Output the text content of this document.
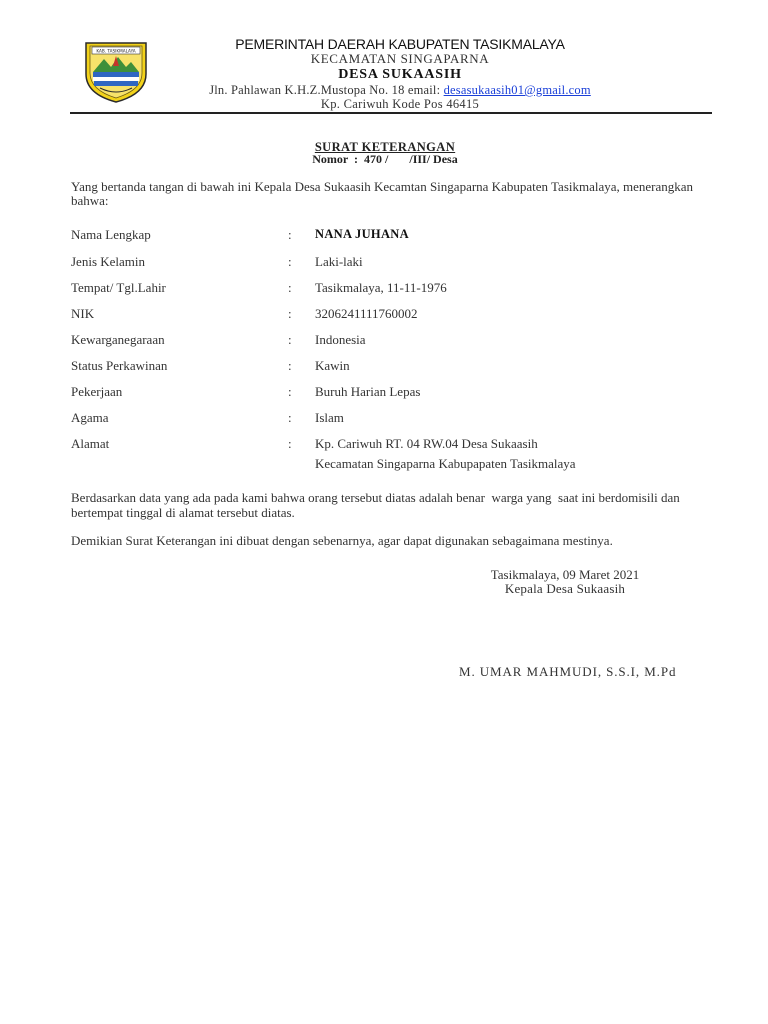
KAB. TASIKMALAYA	PEMERINTAH DAERAH KABUPATEN TASIKMALAYA
KECAMATAN SINGAPARNA
DESA SUKAASIH
Jln. Pahlawan K.H.Z.Mustopa No. 18 email: desasukaasih01@gmail.com
Kp. Cariwuh Kode Pos 46415
SURAT KETERANGAN
Nomor  :  470 /       /III/ Desa
Yang bertanda tangan di bawah ini Kepala Desa Sukaasih Kecamtan Singaparna Kabupaten Tasikmalaya, menerangkan bahwa:
Nama Lengkap	: NANA JUHANA
Jenis Kelamin	: Laki-laki
Tempat/ Tgl.Lahir	: Tasikmalaya, 11-11-1976
NIK	: 3206241111760002
Kewarganegaraan	: Indonesia
Status Perkawinan	: Kawin
Pekerjaan	: Buruh Harian Lepas
Agama	: Islam
Alamat	: Kp. Cariwuh RT. 04 RW.04 Desa Sukaasih
Kecamatan Singaparna Kabupapaten Tasikmalaya
Berdasarkan data yang ada pada kami bahwa orang tersebut diatas adalah benar  warga yang  saat ini berdomisili dan bertempat tinggal di alamat tersebut diatas.
Demikian Surat Keterangan ini dibuat dengan sebenarnya, agar dapat digunakan sebagaimana mestinya.
Tasikmalaya, 09 Maret 2021
Kepala Desa Sukaasih
M. UMAR MAHMUDI, S.S.I, M.Pd
